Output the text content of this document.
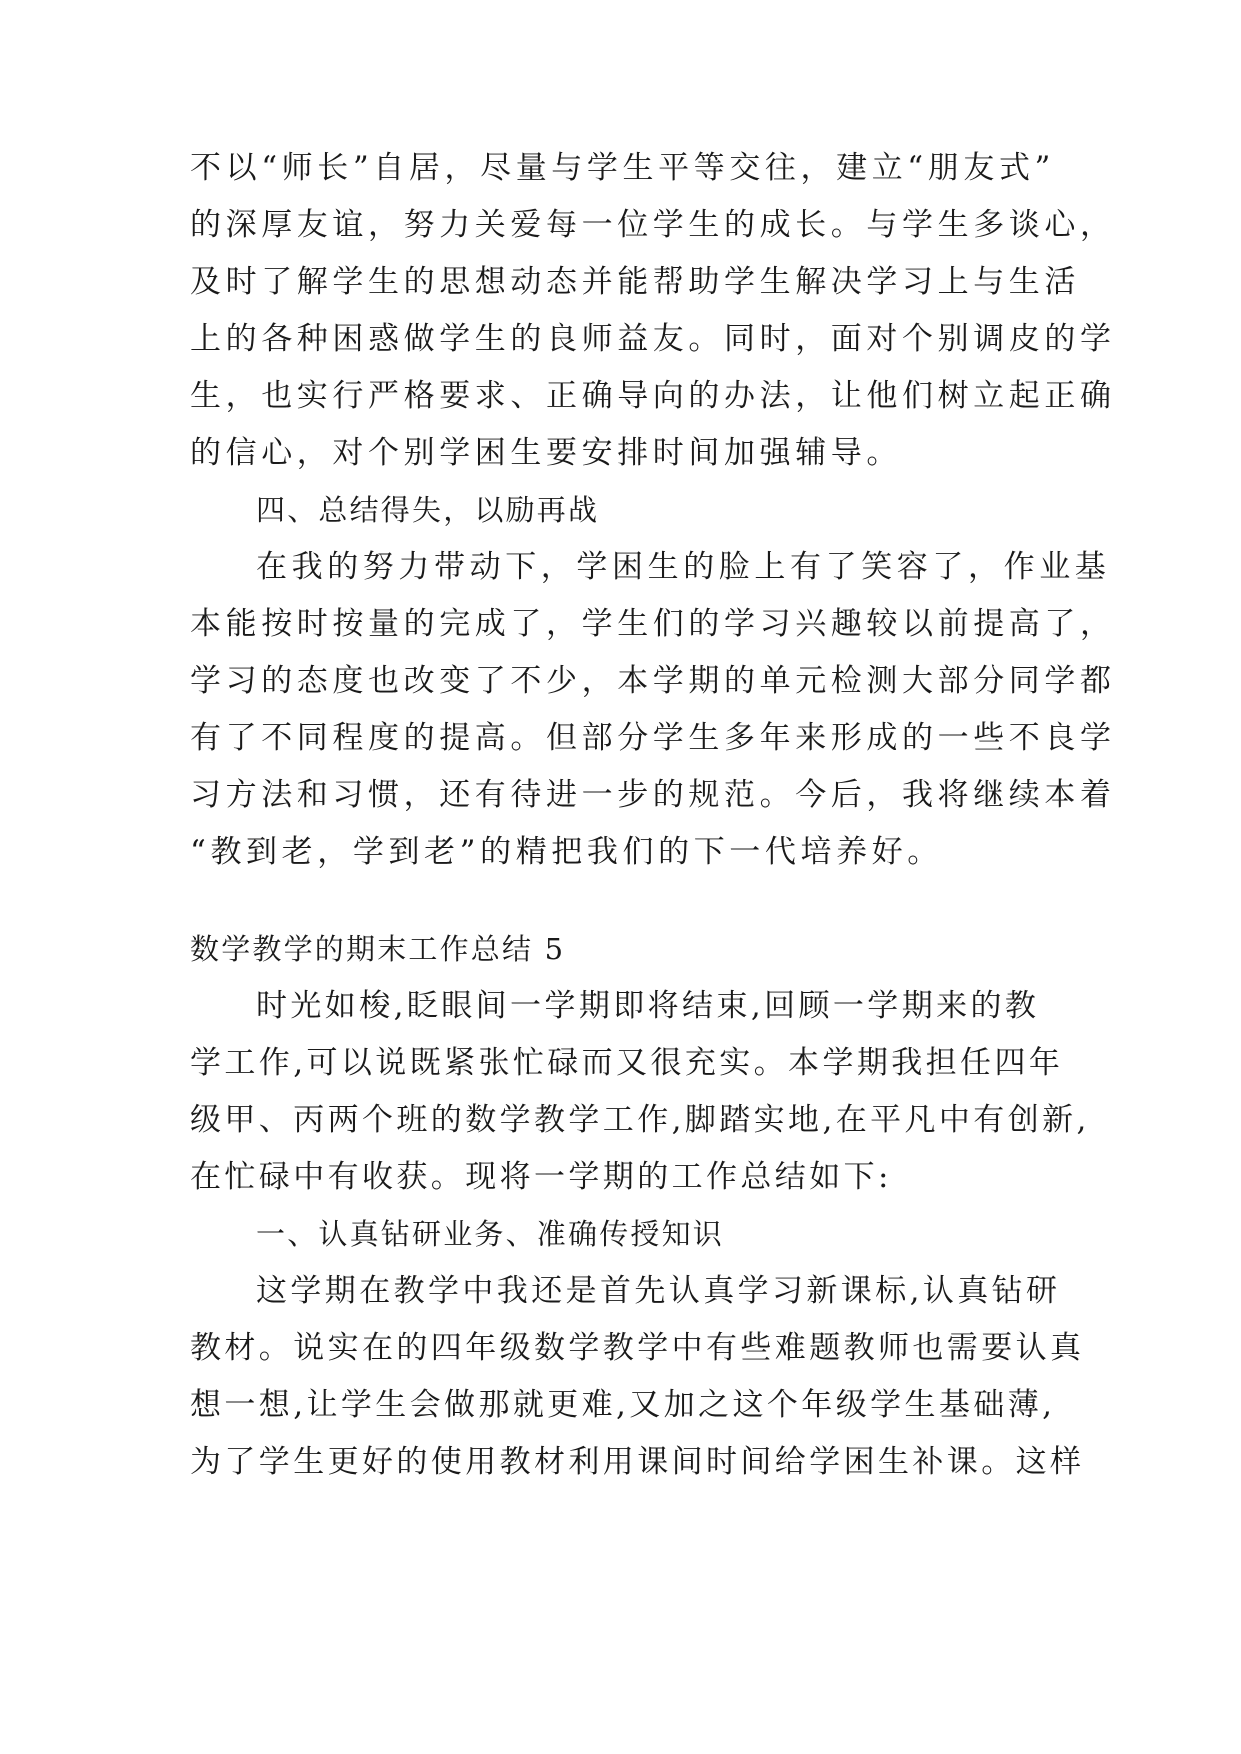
不以“师长”自居，尽量与学生平等交往，建立“朋友式”
的深厚友谊，努力关爱每一位学生的成长。与学生多谈心，
及时了解学生的思想动态并能帮助学生解决学习上与生活
上的各种困惑做学生的良师益友。同时，面对个别调皮的学
生，也实行严格要求、正确导向的办法，让他们树立起正确
的信心，对个别学困生要安排时间加强辅导。
四、总结得失，以励再战
在我的努力带动下，学困生的脸上有了笑容了，作业基
本能按时按量的完成了，学生们的学习兴趣较以前提高了，
学习的态度也改变了不少，本学期的单元检测大部分同学都
有了不同程度的提高。但部分学生多年来形成的一些不良学
习方法和习惯，还有待进一步的规范。今后，我将继续本着
“教到老，学到老”的精把我们的下一代培养好。
数学教学的期末工作总结 5
时光如梭,眨眼间一学期即将结束,回顾一学期来的教
学工作,可以说既紧张忙碌而又很充实。本学期我担任四年
级甲、丙两个班的数学教学工作,脚踏实地,在平凡中有创新,
在忙碌中有收获。现将一学期的工作总结如下:
一、认真钻研业务、准确传授知识
这学期在教学中我还是首先认真学习新课标,认真钻研
教材。说实在的四年级数学教学中有些难题教师也需要认真
想一想,让学生会做那就更难,又加之这个年级学生基础薄,
为了学生更好的使用教材利用课间时间给学困生补课。这样
